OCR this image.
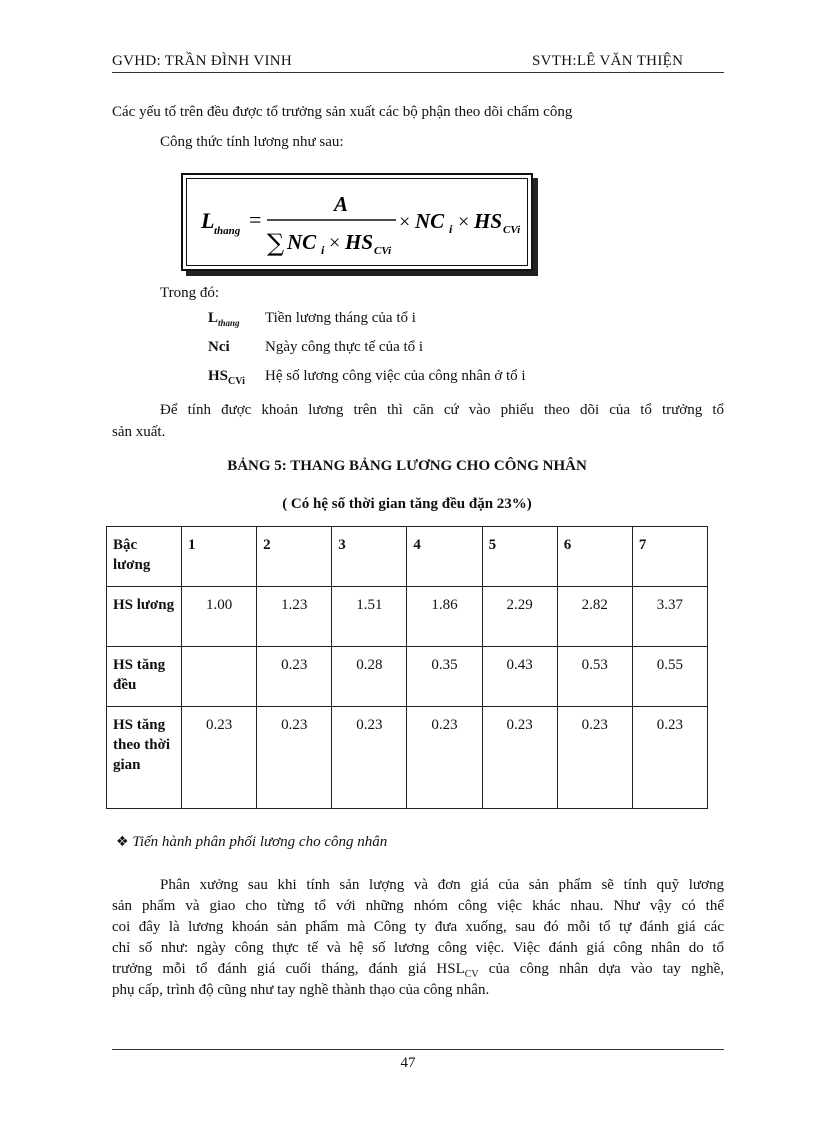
GVHD: TRẦN ĐÌNH VINH	SVTH:LÊ VĂN THIỆN
Các yếu tố trên đều được tổ trưởng sản xuất các bộ phận theo dõi chấm công
Công thức tính lương như sau:
L thang =
A
∑ NC i × HS CVi
× NC i × HS CVi
Trong đó:
$L_{thang}$ Tiền lương tháng của tổ i
Nci Ngày công thực tế của tổ i
$HS_{CVi}$ Hệ số lương công việc của công nhân ở tổ i
Để tính được khoản lương trên thì căn cứ vào phiếu theo dõi của tổ trưởng tổ
sản xuất.
BẢNG 5: THANG BẢNG LƯƠNG CHO CÔNG NHÂN
( Có hệ số thời gian tăng đều đặn 23%)
Bậc lương	1	2	3	4	5	6	7
HS lương	1.00	1.23	1.51	1.86	2.29	2.82	3.37
HS tăng đều		0.23	0.28	0.35	0.43	0.53	0.55
HS tăng theo thời gian	0.23	0.23	0.23	0.23	0.23	0.23	0.23
❖ Tiến hành phân phối lương cho công nhân
Phân xưởng sau khi tính sản lượng và đơn giá của sản phẩm sẽ tính quỹ lương
sản phẩm và giao cho từng tổ với những nhóm công việc khác nhau. Như vậy có thể
coi đây là lương khoán sản phẩm mà Công ty đưa xuống, sau đó mỗi tổ tự đánh giá các
chỉ số như: ngày công thực tế và hệ số lương công việc. Việc đánh giá công nhân do tổ
trưởng mỗi tổ đánh giá cuối tháng, đánh giá $HSL_{CV}$ của công nhân dựa vào tay nghề,
phụ cấp, trình độ cũng như tay nghề thành thạo của công nhân.
47
